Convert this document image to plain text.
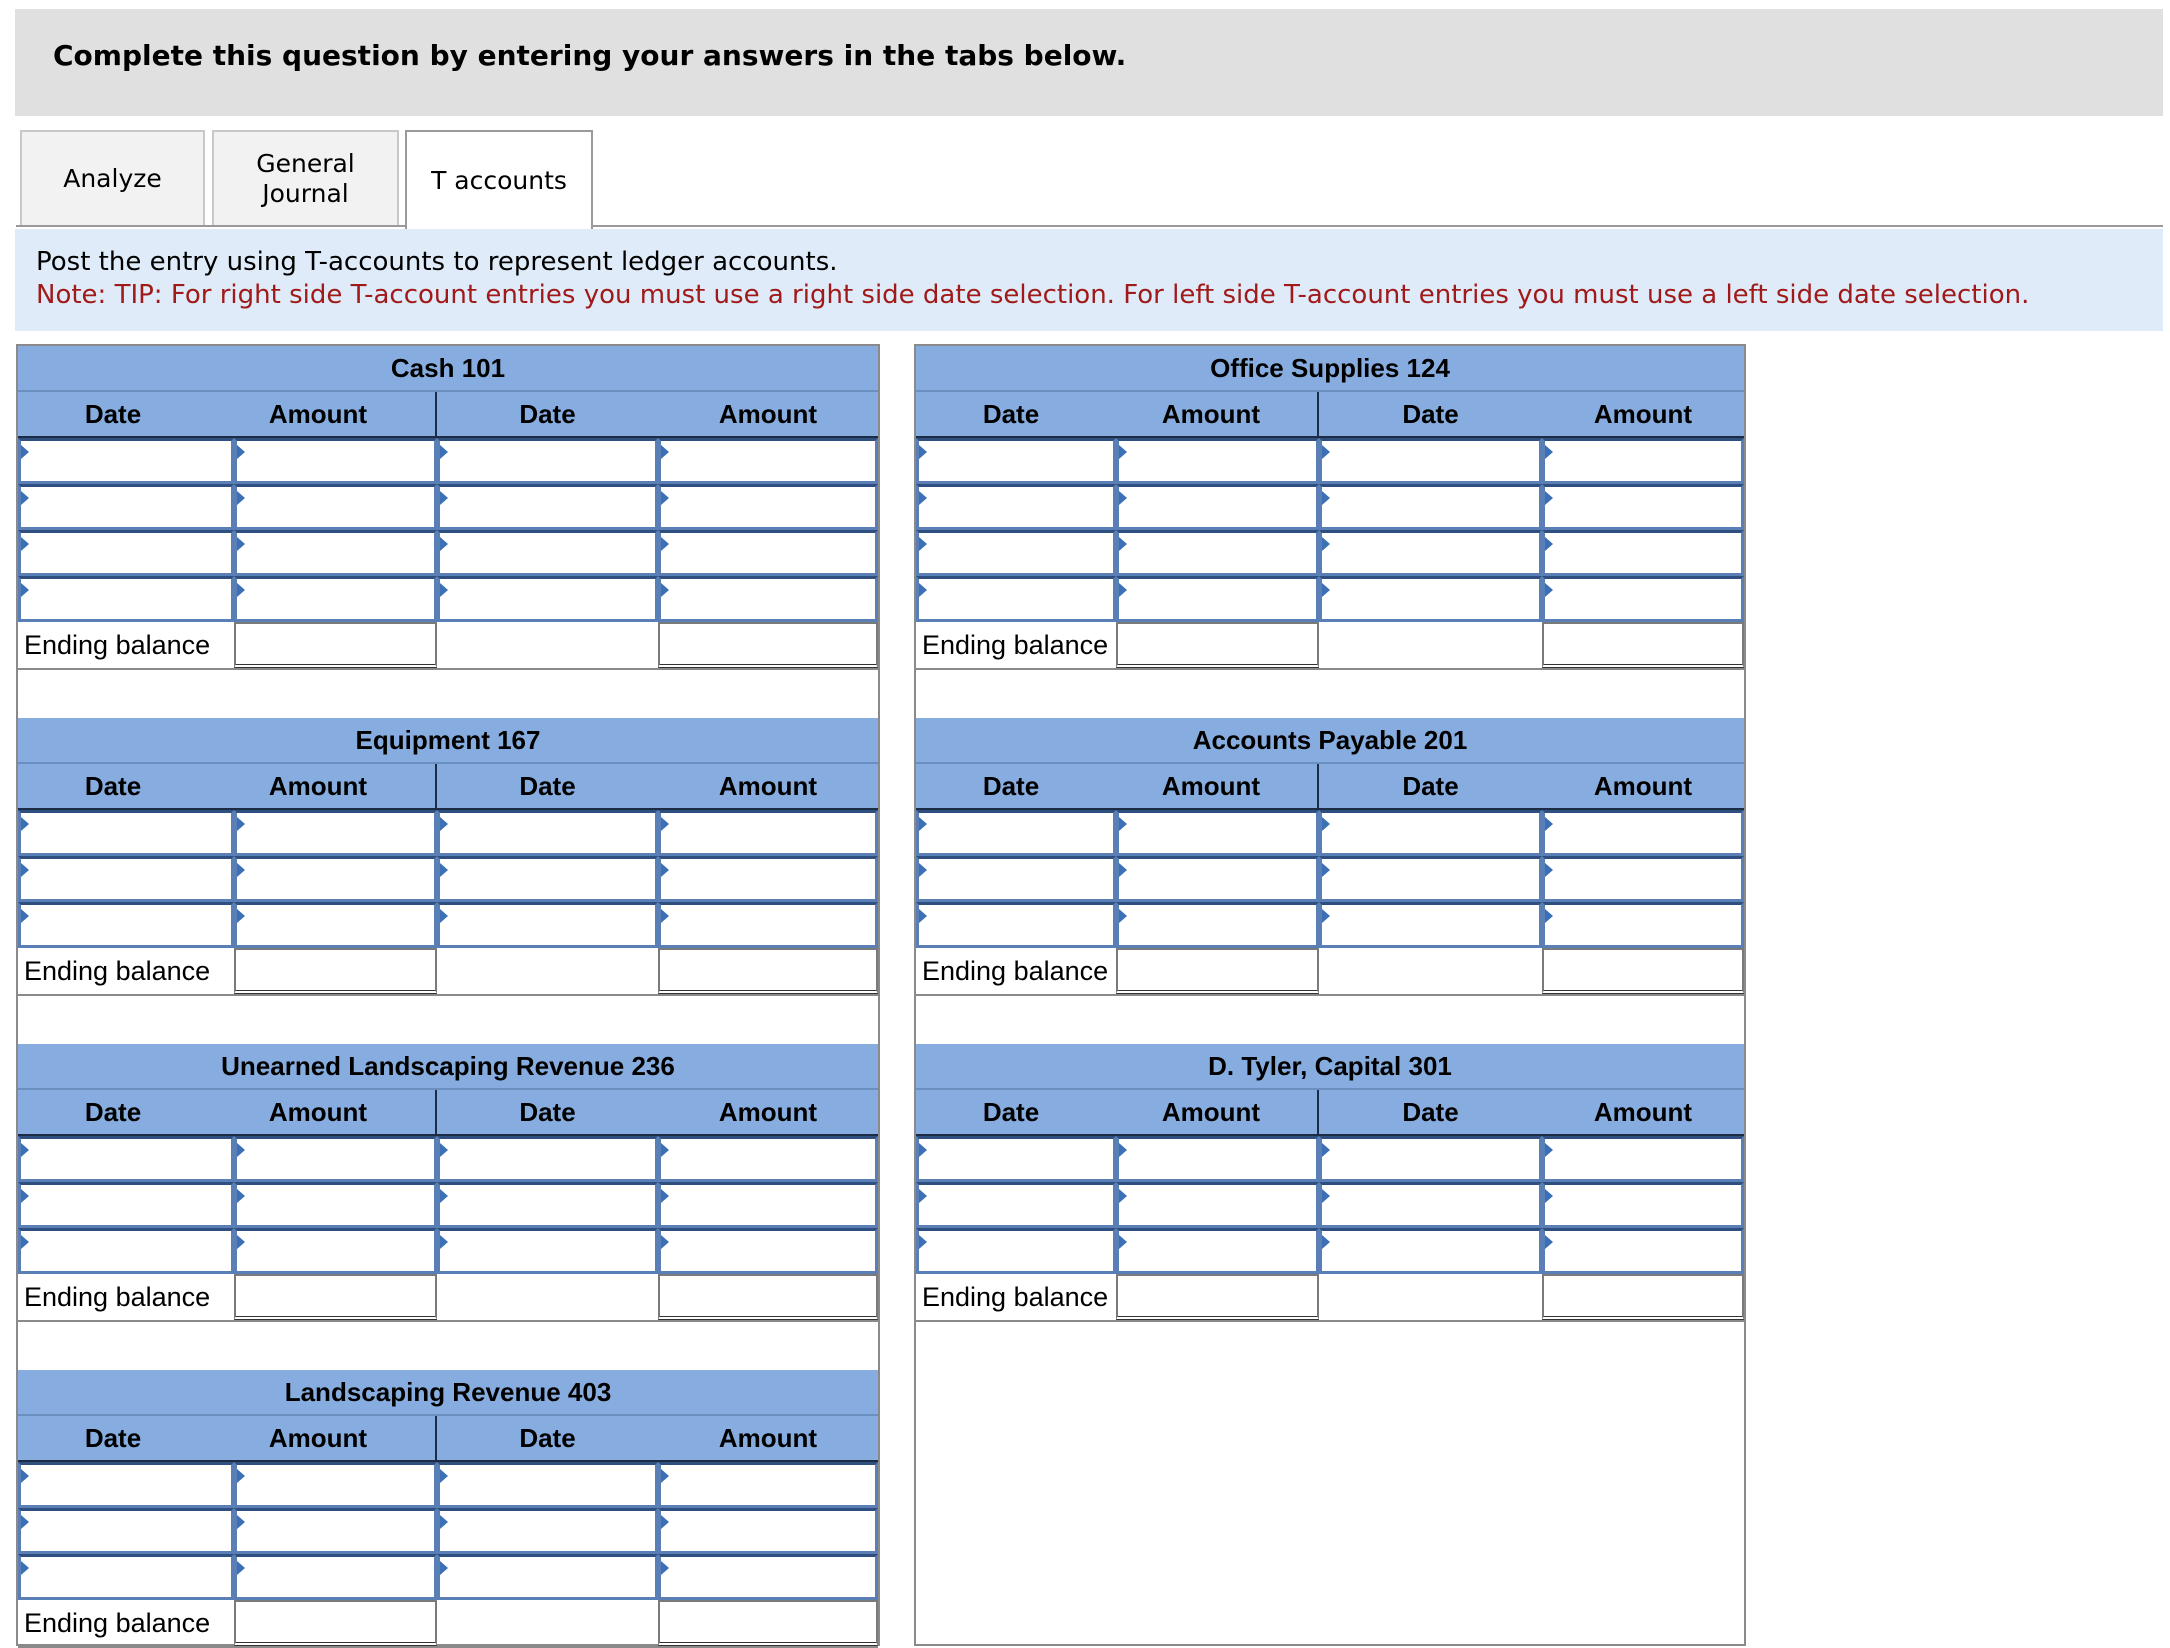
Complete this question by entering your answers in the tabs below.
Analyze
General Journal	T accounts
Post the entry using T-accounts to represent ledger accounts.
Note: TIP: For right side T-account entries you must use a right side date selection. For left side T-account entries you must use a left side date selection.
Cash 101
Date	Amount	Date	Amount
Ending balance
Equipment 167
Date	Amount	Date	Amount
Ending balance
Unearned Landscaping Revenue 236
Date	Amount	Date	Amount
Ending balance
Landscaping Revenue 403
Date	Amount	Date	Amount
Ending balance
Office Supplies 124
Date	Amount	Date	Amount
Ending balance
Accounts Payable 201
Date	Amount	Date	Amount
Ending balance
D. Tyler, Capital 301
Date	Amount	Date	Amount
Ending balance
